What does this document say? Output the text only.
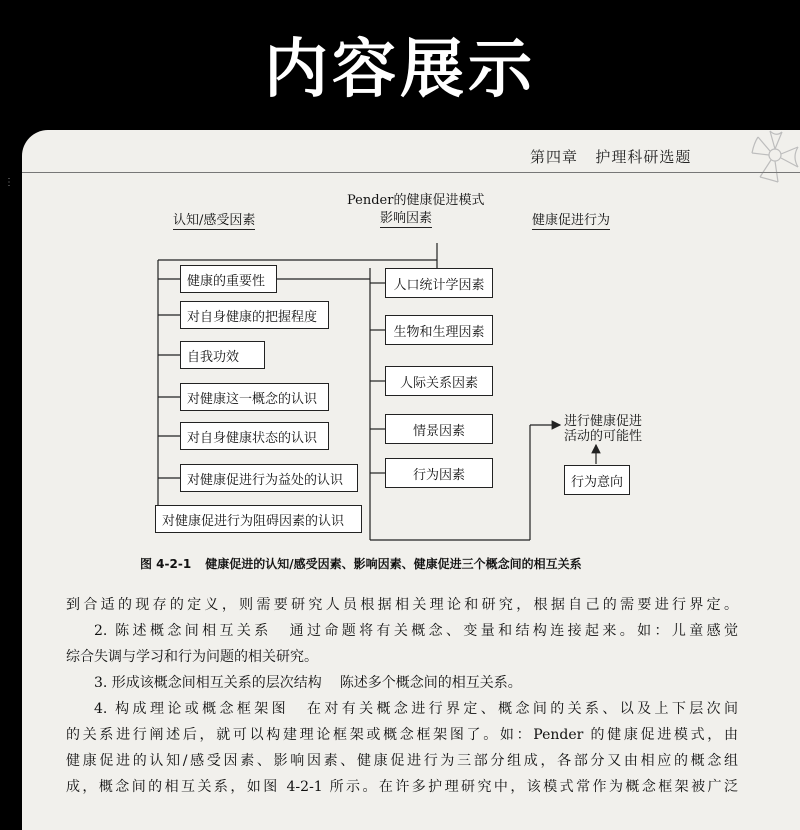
内容展示
第四章 护理科研选题
⋮
Pender的健康促进模式
影响因素
认知/感受因素	健康促进行为
健康的重要性
对自身健康的把握程度
自我功效
对健康这一概念的认识
对自身健康状态的认识
对健康促进行为益处的认识
对健康促进行为阻碍因素的认识
人口统计学因素
生物和生理因素
人际关系因素
情景因素
行为因素
进行健康促进
活动的可能性
行为意向
图 4-2-1 健康促进的认知/感受因素、影响因素、健康促进三个概念间的相互关系

到合适的现存的定义，则需要研究人员根据相关理论和研究，根据自己的需要进行界定。

2. 陈述概念间相互关系 通过命题将有关概念、变量和结构连接起来。如：儿童感觉

综合失调与学习和行为问题的相关研究。

3. 形成该概念间相互关系的层次结构 陈述多个概念间的相互关系。

4. 构成理论或概念框架图 在对有关概念进行界定、概念间的关系、以及上下层次间

的关系进行阐述后，就可以构建理论框架或概念框架图了。如：Pender 的健康促进模式，由

健康促进的认知/感受因素、影响因素、健康促进行为三部分组成，各部分又由相应的概念组

成，概念间的相互关系，如图 4-2-1 所示。在许多护理研究中，该模式常作为概念框架被广泛
